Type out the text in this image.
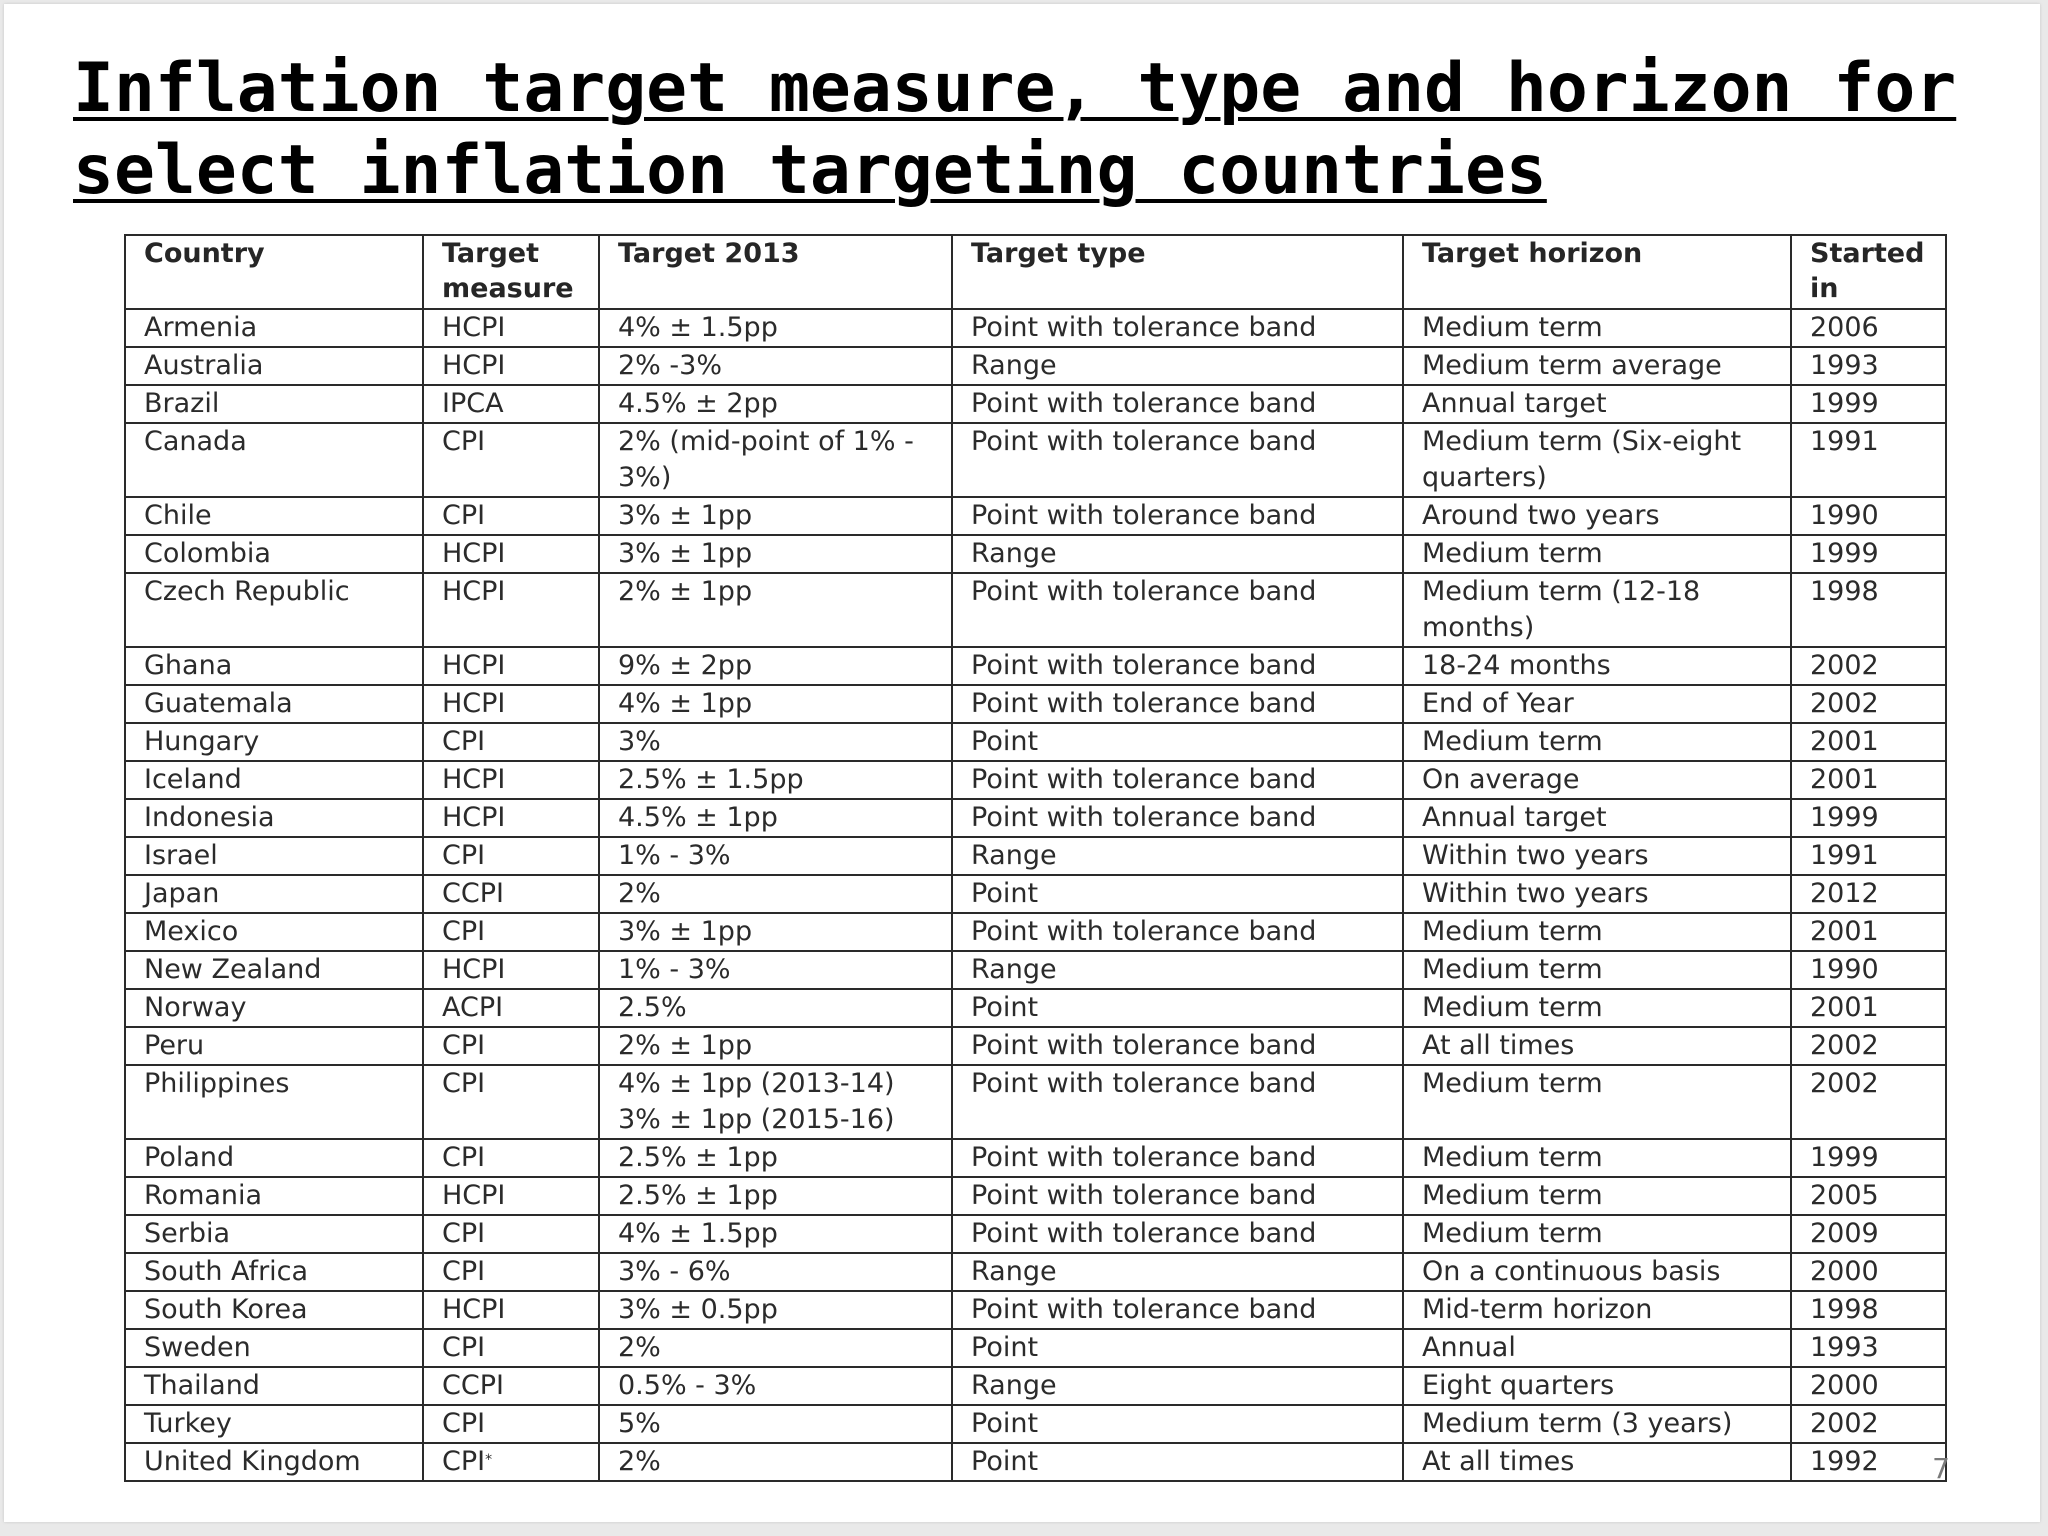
Inflation target measure, type and horizon for select inflation targeting countries
Country	Target measure	Target 2013	Target type	Target horizon	Started in
Armenia	HCPI	4% ± 1.5pp	Point with tolerance band	Medium term	2006
Australia	HCPI	2% -3%	Range	Medium term average	1993
Brazil	IPCA	4.5% ± 2pp	Point with tolerance band	Annual target	1999
Canada	CPI	2% (mid-point of 1% - 3%)	Point with tolerance band	Medium term (Six-eight quarters)	1991
Chile	CPI	3% ± 1pp	Point with tolerance band	Around two years	1990
Colombia	HCPI	3% ± 1pp	Range	Medium term	1999
Czech Republic	HCPI	2% ± 1pp	Point with tolerance band	Medium term (12-18 months)	1998
Ghana	HCPI	9% ± 2pp	Point with tolerance band	18-24 months	2002
Guatemala	HCPI	4% ± 1pp	Point with tolerance band	End of Year	2002
Hungary	CPI	3%	Point	Medium term	2001
Iceland	HCPI	2.5% ± 1.5pp	Point with tolerance band	On average	2001
Indonesia	HCPI	4.5% ± 1pp	Point with tolerance band	Annual target	1999
Israel	CPI	1% - 3%	Range	Within two years	1991
Japan	CCPI	2%	Point	Within two years	2012
Mexico	CPI	3% ± 1pp	Point with tolerance band	Medium term	2001
New Zealand	HCPI	1% - 3%	Range	Medium term	1990
Norway	ACPI	2.5%	Point	Medium term	2001
Peru	CPI	2% ± 1pp	Point with tolerance band	At all times	2002
Philippines	CPI	4% ± 1pp (2013-14) 3% ± 1pp (2015-16)	Point with tolerance band	Medium term	2002
Poland	CPI	2.5% ± 1pp	Point with tolerance band	Medium term	1999
Romania	HCPI	2.5% ± 1pp	Point with tolerance band	Medium term	2005
Serbia	CPI	4% ± 1.5pp	Point with tolerance band	Medium term	2009
South Africa	CPI	3% - 6%	Range	On a continuous basis	2000
South Korea	HCPI	3% ± 0.5pp	Point with tolerance band	Mid-term horizon	1998
Sweden	CPI	2%	Point	Annual	1993
Thailand	CCPI	0.5% - 3%	Range	Eight quarters	2000
Turkey	CPI	5%	Point	Medium term (3 years)	2002
United Kingdom	CPI*	2%	Point	At all times	1992	7
